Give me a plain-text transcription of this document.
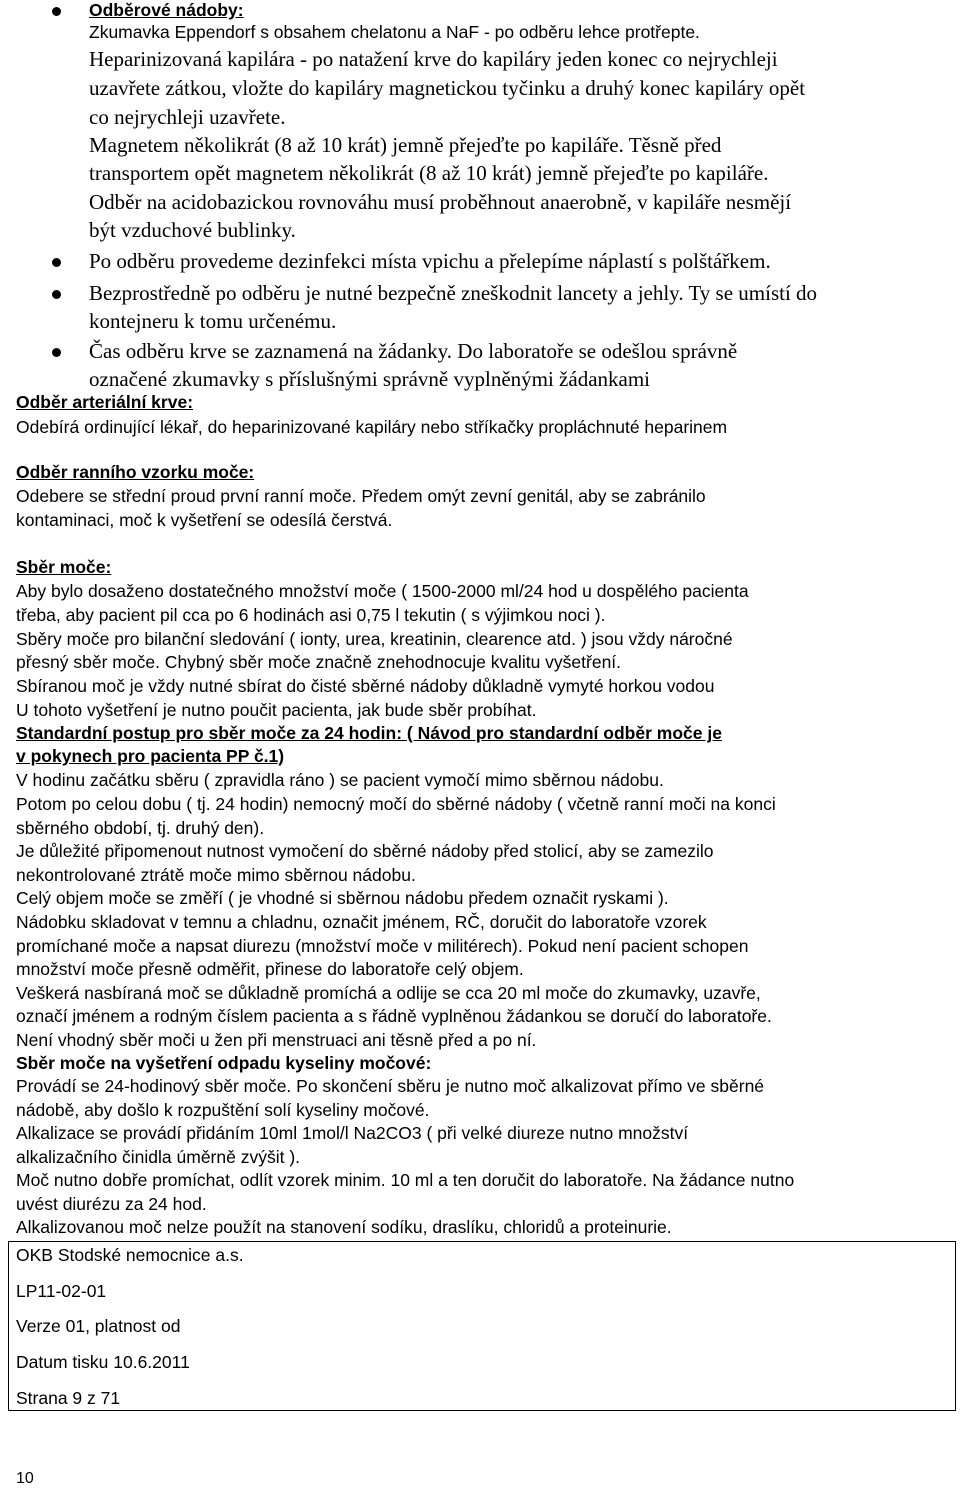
Odběrové nádoby:
Zkumavka Eppendorf s obsahem chelatonu a NaF - po odběru lehce protřepte.
Heparinizovaná kapilára - po natažení krve do kapiláry jeden konec co nejrychleji
uzavřete zátkou, vložte do kapiláry magnetickou tyčinku a druhý konec kapiláry opět
co nejrychleji uzavřete.
Magnetem několikrát (8 až 10 krát) jemně přejeďte po kapiláře. Těsně před
transportem opět magnetem několikrát (8 až 10 krát) jemně přejeďte po kapiláře.
Odběr na acidobazickou rovnováhu musí proběhnout anaerobně, v kapiláře nesmějí
být vzduchové bublinky.
Po odběru provedeme dezinfekci místa vpichu a přelepíme náplastí s polštářkem.
Bezprostředně po odběru je nutné bezpečně zneškodnit lancety a jehly. Ty se umístí do
kontejneru k tomu určenému.
Čas odběru krve se zaznamená na žádanky. Do laboratoře se odešlou správně
označené zkumavky s příslušnými správně vyplněnými žádankami
Odběr arteriální krve:
Odebírá ordinující lékař, do heparinizované kapiláry nebo stříkačky propláchnuté heparinem
Odběr ranního vzorku moče:
Odebere se střední proud první ranní moče. Předem omýt zevní genitál, aby se zabránilo
kontaminaci, moč k vyšetření se odesílá čerstvá.
Sběr moče:
Aby bylo dosaženo dostatečného množství moče ( 1500-2000 ml/24 hod u dospělého pacienta
třeba, aby pacient pil cca po 6 hodinách asi 0,75 l tekutin ( s výjimkou noci ).
Sběry moče pro bilanční sledování ( ionty, urea, kreatinin, clearence atd. ) jsou vždy náročné
přesný sběr moče. Chybný sběr moče značně znehodnocuje kvalitu vyšetření.
Sbíranou moč je vždy nutné sbírat do čisté sběrné nádoby důkladně vymyté horkou vodou
U tohoto vyšetření je nutno poučit pacienta, jak bude sběr probíhat.
Standardní postup pro sběr moče za 24 hodin: ( Návod pro standardní odběr moče je
v pokynech pro pacienta PP č.1)
V hodinu začátku sběru ( zpravidla ráno ) se pacient vymočí mimo sběrnou nádobu.
Potom po celou dobu ( tj. 24 hodin) nemocný močí do sběrné nádoby ( včetně ranní moči na konci
sběrného období, tj. druhý den).
Je důležité připomenout nutnost vymočení do sběrné nádoby před stolicí, aby se zamezilo
nekontrolované ztrátě moče mimo sběrnou nádobu.
Celý objem moče se změří ( je vhodné si sběrnou nádobu předem označit ryskami ).
Nádobku skladovat v temnu a chladnu, označit jménem, RČ, doručit do laboratoře vzorek
promíchané moče a napsat diurezu (množství moče v militérech). Pokud není pacient schopen
množství moče přesně odměřit, přinese do laboratoře celý objem.
Veškerá nasbíraná moč se důkladně promíchá a odlije se cca 20 ml moče do zkumavky, uzavře,
označí jménem a rodným číslem pacienta a s řádně vyplněnou žádankou se doručí do laboratoře.
Není vhodný sběr moči u žen při menstruaci ani těsně před a po ní.
Sběr moče na vyšetření odpadu kyseliny močové:
Provádí se 24-hodinový sběr moče. Po skončení sběru je nutno moč alkalizovat přímo ve sběrné
nádobě, aby došlo k rozpuštění solí kyseliny močové.
Alkalizace se provádí přidáním 10ml 1mol/l Na2CO3 ( při velké diureze nutno množství
alkalizačního činidla úměrně zvýšit ).
Moč nutno dobře promíchat, odlít vzorek minim. 10 ml a ten doručit do laboratoře. Na žádance nutno
uvést diurézu za 24 hod.
Alkalizovanou moč nelze použít na stanovení sodíku, draslíku, chloridů a proteinurie.
OKB Stodské nemocnice a.s.
LP11-02-01
Verze 01, platnost od
Datum tisku 10.6.2011
Strana 9 z 71
10
